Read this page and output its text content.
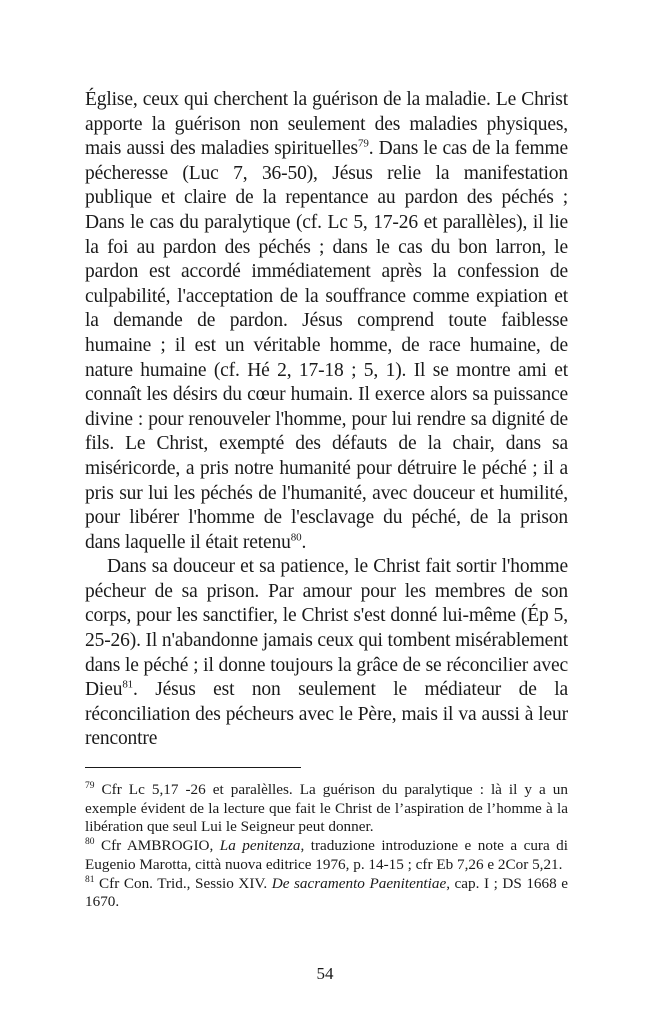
Église, ceux qui cherchent la guérison de la maladie. Le Christ apporte la guérison non seulement des maladies physiques, mais aussi des maladies spirituelles$^{79}$. Dans le cas de la femme pécheresse (Luc 7, 36-50), Jésus relie la manifestation publique et claire de la repentance au pardon des péchés ; Dans le cas du paralytique (cf. Lc 5, 17-26 et parallèles), il lie la foi au pardon des péchés ; dans le cas du bon larron, le pardon est accordé immédiatement après la confession de culpabilité, l'acceptation de la souffrance comme expiation et la demande de pardon. Jésus comprend toute faiblesse humaine ; il est un véritable homme, de race humaine, de nature humaine (cf. Hé 2, 17-18 ; 5, 1). Il se montre ami et connaît les désirs du cœur humain. Il exerce alors sa puissance divine : pour renouveler l'homme, pour lui rendre sa dignité de fils. Le Christ, exempté des défauts de la chair, dans sa miséricorde, a pris notre humanité pour détruire le péché ; il a pris sur lui les péchés de l'humanité, avec douceur et humilité, pour libérer l'homme de l'esclavage du péché, de la prison dans laquelle il était retenu$^{80}$.

Dans sa douceur et sa patience, le Christ fait sortir l'homme pécheur de sa prison. Par amour pour les membres de son corps, pour les sanctifier, le Christ s'est donné lui-même (Ép 5, 25-26). Il n'abandonne jamais ceux qui tombent misérablement dans le péché ; il donne toujours la grâce de se réconcilier avec Dieu$^{81}$. Jésus est non seulement le médiateur de la réconciliation des pécheurs avec le Père, mais il va aussi à leur rencontre

$^{79}$ Cfr Lc 5,17 -26 et paralèlles. La guérison du paralytique : là il y a un exemple évident de la lecture que fait le Christ de l’aspiration de l’homme à la libération que seul Lui le Seigneur peut donner.

$^{80}$ Cfr AMBROGIO, La penitenza, traduzione introduzione e note a cura di Eugenio Marotta, città nuova editrice 1976, p. 14-15 ; cfr Eb 7,26 e 2Cor 5,21.

$^{81}$ Cfr Con. Trid., Sessio XIV. De sacramento Paenitentiae, cap. I ; DS 1668 e 1670.

54
